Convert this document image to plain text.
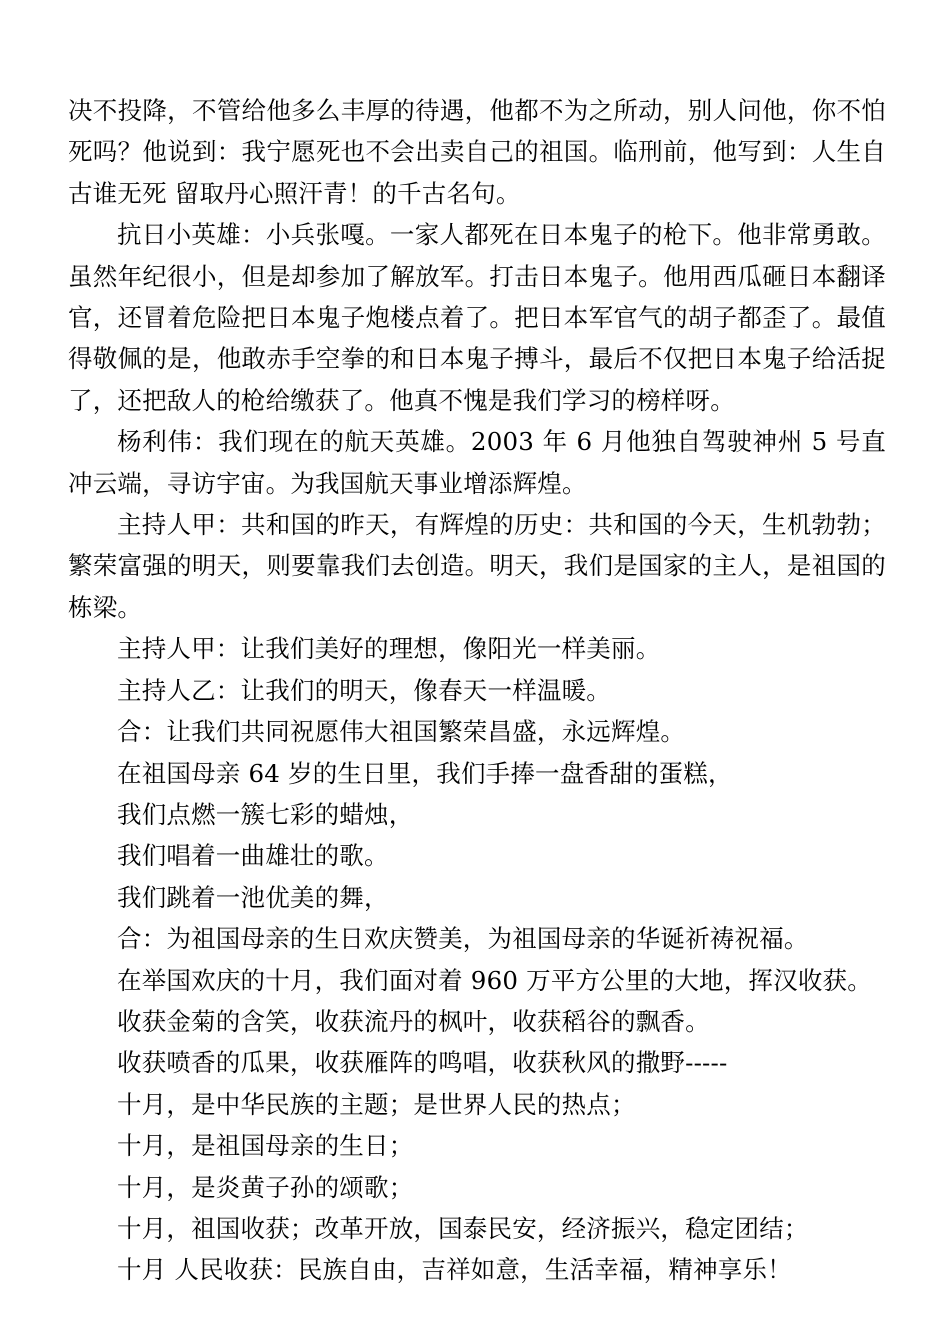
决不投降，不管给他多么丰厚的待遇，他都不为之所动，别人问他，你不怕死吗？他说到：我宁愿死也不会出卖自己的祖国。临刑前，他写到：人生自古谁无死 留取丹心照汗青！的千古名句。

抗日小英雄：小兵张嘎。一家人都死在日本鬼子的枪下。他非常勇敢。虽然年纪很小，但是却参加了解放军。打击日本鬼子。他用西瓜砸日本翻译官，还冒着危险把日本鬼子炮楼点着了。把日本军官气的胡子都歪了。最值得敬佩的是，他敢赤手空拳的和日本鬼子搏斗，最后不仅把日本鬼子给活捉了，还把敌人的枪给缴获了。他真不愧是我们学习的榜样呀。

杨利伟：我们现在的航天英雄。2003 年 6 月他独自驾驶神州 5 号直冲云端，寻访宇宙。为我国航天事业增添辉煌。

主持人甲：共和国的昨天，有辉煌的历史：共和国的今天，生机勃勃；繁荣富强的明天，则要靠我们去创造。明天，我们是国家的主人，是祖国的栋梁。

主持人甲：让我们美好的理想，像阳光一样美丽。

主持人乙：让我们的明天，像春天一样温暖。

合：让我们共同祝愿伟大祖国繁荣昌盛，永远辉煌。

在祖国母亲 64 岁的生日里，我们手捧一盘香甜的蛋糕，

我们点燃一簇七彩的蜡烛，

我们唱着一曲雄壮的歌。

我们跳着一池优美的舞，

合：为祖国母亲的生日欢庆赞美，为祖国母亲的华诞祈祷祝福。

在举国欢庆的十月，我们面对着 960 万平方公里的大地，挥汉收获。

收获金菊的含笑，收获流丹的枫叶，收获稻谷的飘香。

收获喷香的瓜果，收获雁阵的鸣唱，收获秋风的撒野-----

十月，是中华民族的主题；是世界人民的热点；

十月，是祖国母亲的生日；

十月，是炎黄子孙的颂歌；

十月，祖国收获；改革开放，国泰民安，经济振兴，稳定团结；

十月 人民收获：民族自由，吉祥如意，生活幸福，精神享乐！
